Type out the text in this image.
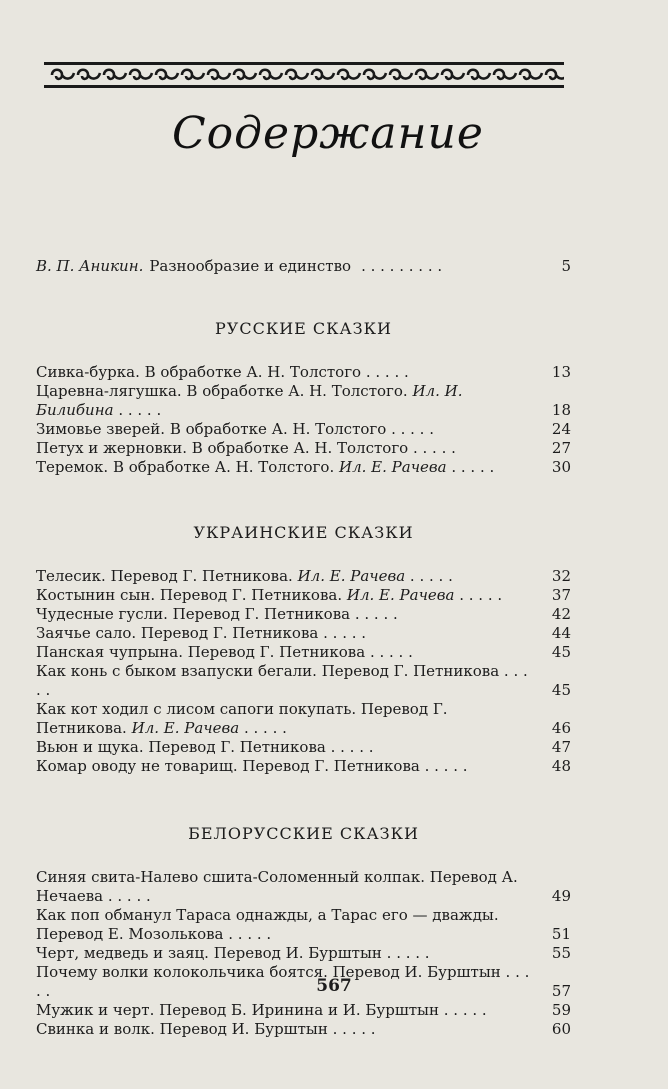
Содержание
В. П. Аникин. Разнообразие и единство . . . . . . . . .	5
РУССКИЕ СКАЗКИ
Сивка-бурка. В обработке А. Н. Толстого . . . . .	13
Царевна-лягушка. В обработке А. Н. Толстого. Ил. И. Билибина . . . . .	18
Зимовье зверей. В обработке А. Н. Толстого . . . . .	24
Петух и жерновки. В обработке А. Н. Толстого . . . . .	27
Теремок. В обработке А. Н. Толстого. Ил. Е. Рачева . . . . .	30
УКРАИНСКИЕ СКАЗКИ
Телесик. Перевод Г. Петникова. Ил. Е. Рачева . . . . .	32
Костынин сын. Перевод Г. Петникова. Ил. Е. Рачева . . . . .	37
Чудесные гусли. Перевод Г. Петникова . . . . .	42
Заячье сало. Перевод Г. Петникова . . . . .	44
Панская чупрына. Перевод Г. Петникова . . . . .	45
Как конь с быком взапуски бегали. Перевод Г. Петникова . . . . .	45
Как кот ходил с лисом сапоги покупать. Перевод Г. Петникова. Ил. Е. Рачева . . . . .	46
Вьюн и щука. Перевод Г. Петникова . . . . .	47
Комар оводу не товарищ. Перевод Г. Петникова . . . . .	48
БЕЛОРУССКИЕ СКАЗКИ
Синяя свита-Налево сшита-Соломенный колпак. Перевод А. Нечаева . . . . .	49
Как поп обманул Тараса однажды, а Тарас его — дважды. Перевод Е. Мозолькова . . . . .	51
Черт, медведь и заяц. Перевод И. Бурштын . . . . .	55
Почему волки колокольчика боятся. Перевод И. Бурштын . . . . .	57
Мужик и черт. Перевод Б. Иринина и И. Бурштын . . . . .	59
Свинка и волк. Перевод И. Бурштын . . . . .	60
567
